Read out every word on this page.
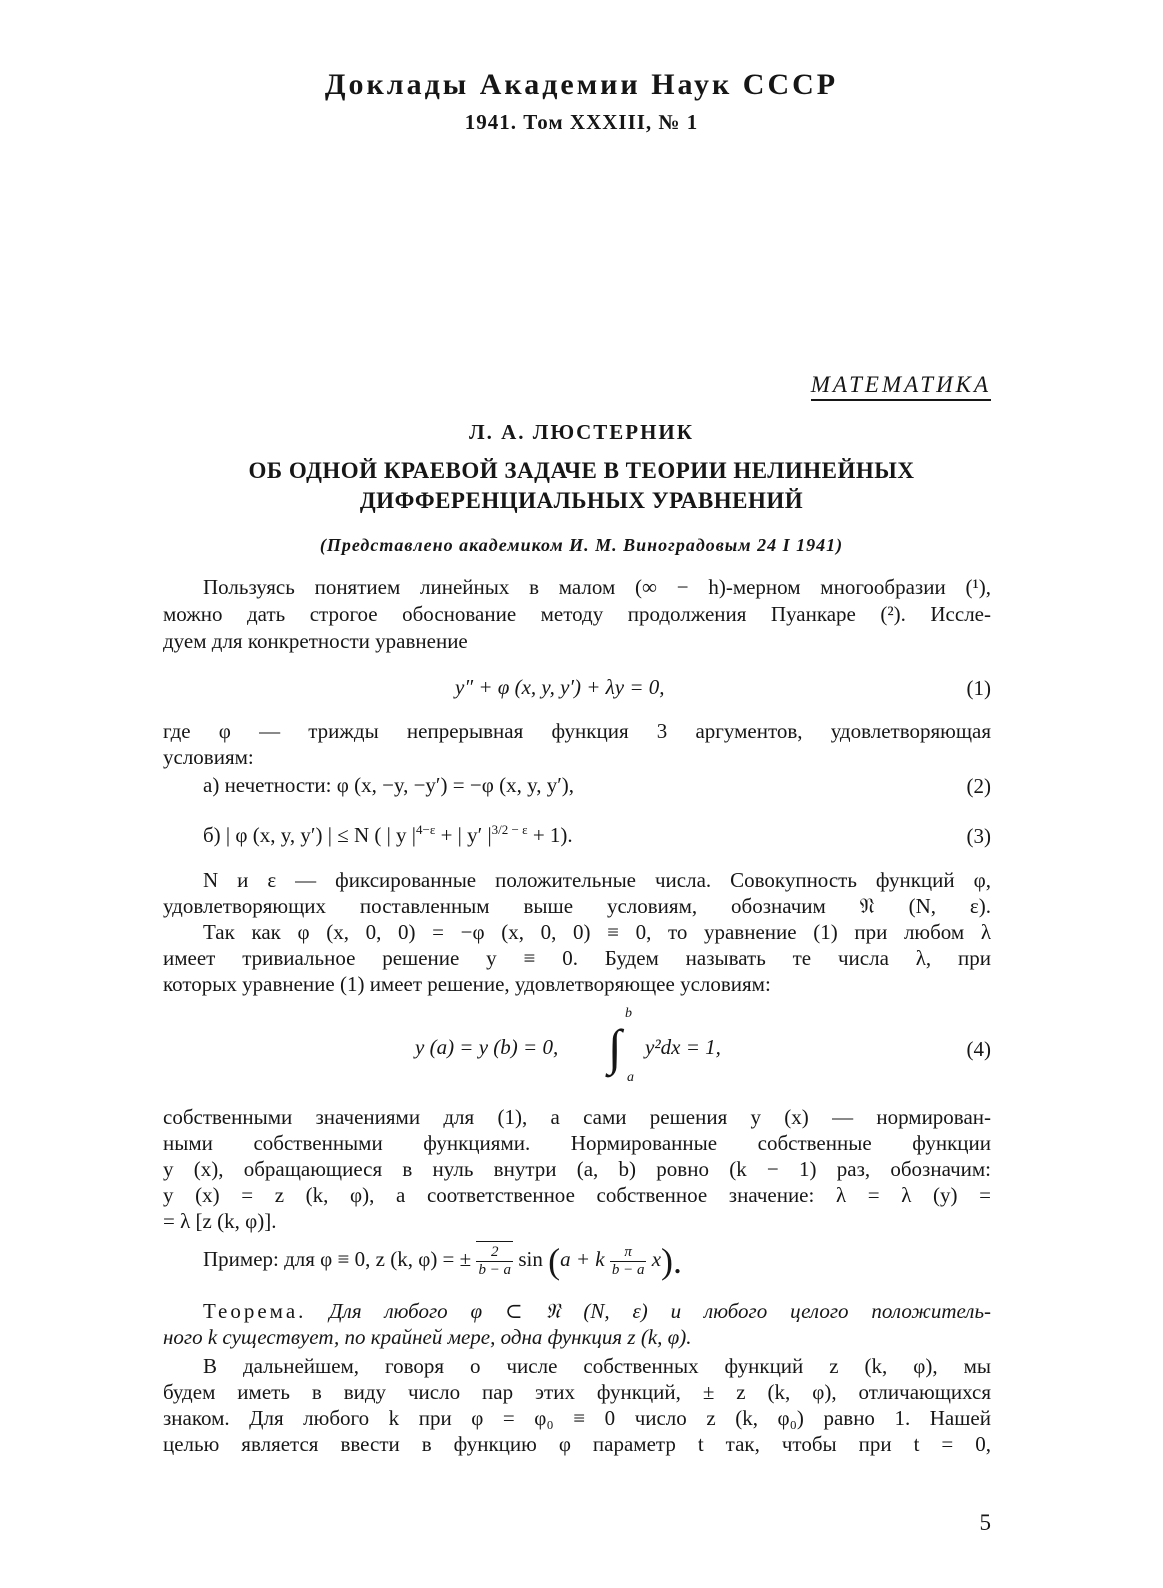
Доклады Академии Наук СССР
1941. Том XXXIII, № 1
МАТЕМАТИКА
Л. А. ЛЮСТЕРНИК
ОБ ОДНОЙ КРАЕВОЙ ЗАДАЧЕ В ТЕОРИИ НЕЛИНЕЙНЫХ
ДИФФЕРЕНЦИАЛЬНЫХ УРАВНЕНИЙ
(Представлено академиком И. М. Виноградовым 24 I 1941)
Пользуясь понятием линейных в малом (∞ − h)-мерном многообразии (¹),
можно дать строгое обоснование методу продолжения Пуанкаре (²). Иссле-
дуем для конкретности уравнение
y″ + φ (x, y, y′) + λy = 0,	(1)
где φ — трижды непрерывная функция 3 аргументов, удовлетворяющая
условиям:
а) нечетности: φ (x, −y, −y′) = −φ (x, y, y′),	(2)
б) | φ (x, y, y′) | ≤ N ( | y $|^{4-\varepsilon}$ + | y′ $|^{3/2 - \varepsilon} + 1$).	(3)
N и ε — фиксированные положительные числа. Совокупность функций φ,
удовлетворяющих поставленным выше условиям, обозначим 𝔑 (N, ε).
Так как φ (x, 0, 0) = −φ (x, 0, 0) ≡ 0, то уравнение (1) при любом λ
имеет тривиальное решение y ≡ 0. Будем называть те числа λ, при
которых уравнение (1) имеет решение, удовлетворяющее условиям:
y (a) = y (b) = 0,
b
∫
a
y²dx = 1,	(4)
собственными значениями для (1), а сами решения y (x) — нормирован-
ными собственными функциями. Нормированные собственные функции
y (x), обращающиеся в нуль внутри (a, b) ровно (k − 1) раз, обозначим:
y (x) = z (k, φ), а соответственное собственное значение: λ = λ (y) =
= λ [z (k, φ)].
Пример: для φ ≡ 0, z (k, φ) = ± $\frac{2}{b - a}$ sin (a + k $\frac{\pi}{b - a} x$).
Теорема. Для любого φ ⊂ 𝔑 (N, ε) и любого целого положитель-
ного k существует, по крайней мере, одна функция z (k, φ).
В дальнейшем, говоря о числе собственных функций z (k, φ), мы
будем иметь в виду число пар этих функций, ± z (k, φ), отличающихся
знаком. Для любого k при φ = φ₀ ≡ 0 число z (k, φ₀) равно 1. Нашей
целью является ввести в функцию φ параметр t так, чтобы при t = 0,
5
